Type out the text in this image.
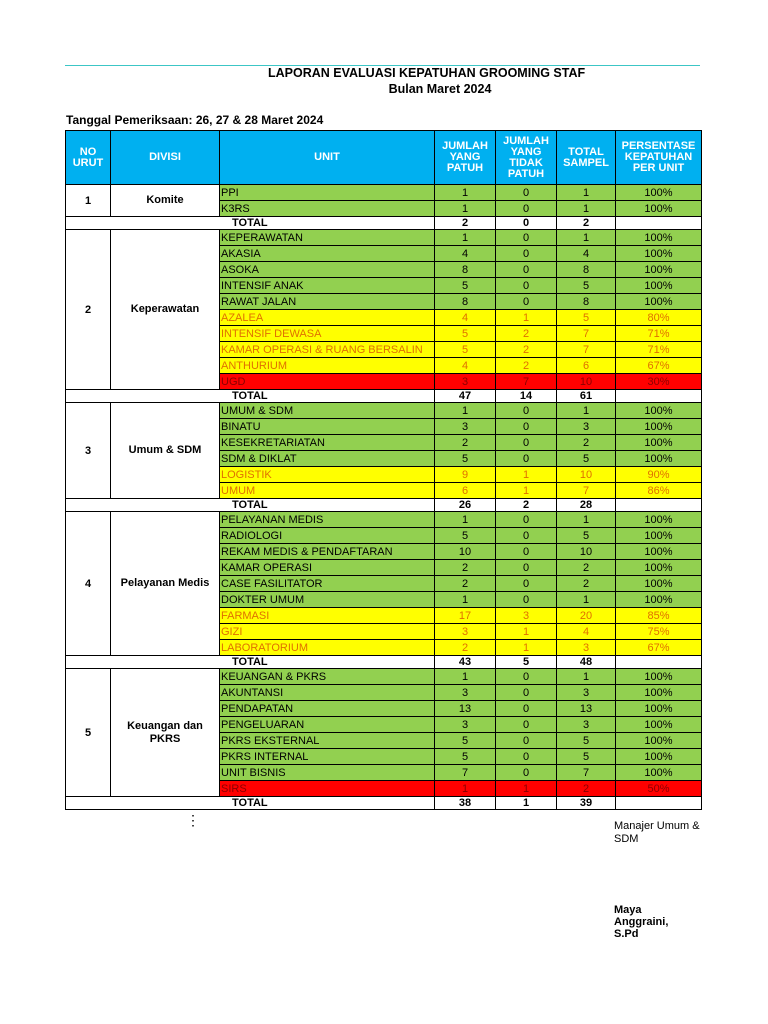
LAPORAN EVALUASI KEPATUHAN GROOMING STAF
Bulan Maret 2024
Tanggal Pemeriksaan: 26, 27 & 28 Maret 2024
NO URUT	DIVISI	UNIT	JUMLAH YANG PATUH	JUMLAH YANG TIDAK PATUH	TOTAL SAMPEL	PERSENTASE KEPATUHAN PER UNIT
1	Komite	PPI	1	0	1	100%
		K3RS	1	0	1	100%
TOTAL			2	0	2	
2	Keperawatan	KEPERAWATAN	1	0	1	100%
		AKASIA	4	0	4	100%
		ASOKA	8	0	8	100%
		INTENSIF ANAK	5	0	5	100%
		RAWAT JALAN	8	0	8	100%
		AZALEA	4	1	5	80%
		INTENSIF DEWASA	5	2	7	71%
		KAMAR OPERASI & RUANG BERSALIN	5	2	7	71%
		ANTHURIUM	4	2	6	67%
		UGD	3	7	10	30%
TOTAL			47	14	61	
3	Umum & SDM	UMUM & SDM	1	0	1	100%
		BINATU	3	0	3	100%
		KESEKRETARIATAN	2	0	2	100%
		SDM & DIKLAT	5	0	5	100%
		LOGISTIK	9	1	10	90%
		UMUM	6	1	7	86%
TOTAL			26	2	28	
4	Pelayanan Medis	PELAYANAN MEDIS	1	0	1	100%
		RADIOLOGI	5	0	5	100%
		REKAM MEDIS & PENDAFTARAN	10	0	10	100%
		KAMAR OPERASI	2	0	2	100%
		CASE FASILITATOR	2	0	2	100%
		DOKTER UMUM	1	0	1	100%
		FARMASI	17	3	20	85%
		GIZI	3	1	4	75%
		LABORATORIUM	2	1	3	67%
TOTAL			43	5	48	
5	Keuangan dan PKRS	KEUANGAN & PKRS	1	0	1	100%
		AKUNTANSI	3	0	3	100%
		PENDAPATAN	13	0	13	100%
		PENGELUARAN	3	0	3	100%
		PKRS EKSTERNAL	5	0	5	100%
		PKRS INTERNAL	5	0	5	100%
		UNIT BISNIS	7	0	7	100%
		SIRS	1	1	2	50%
TOTAL			38	1	39	
⋮	Manajer Umum & SDM
Maya Anggraini, S.Pd
